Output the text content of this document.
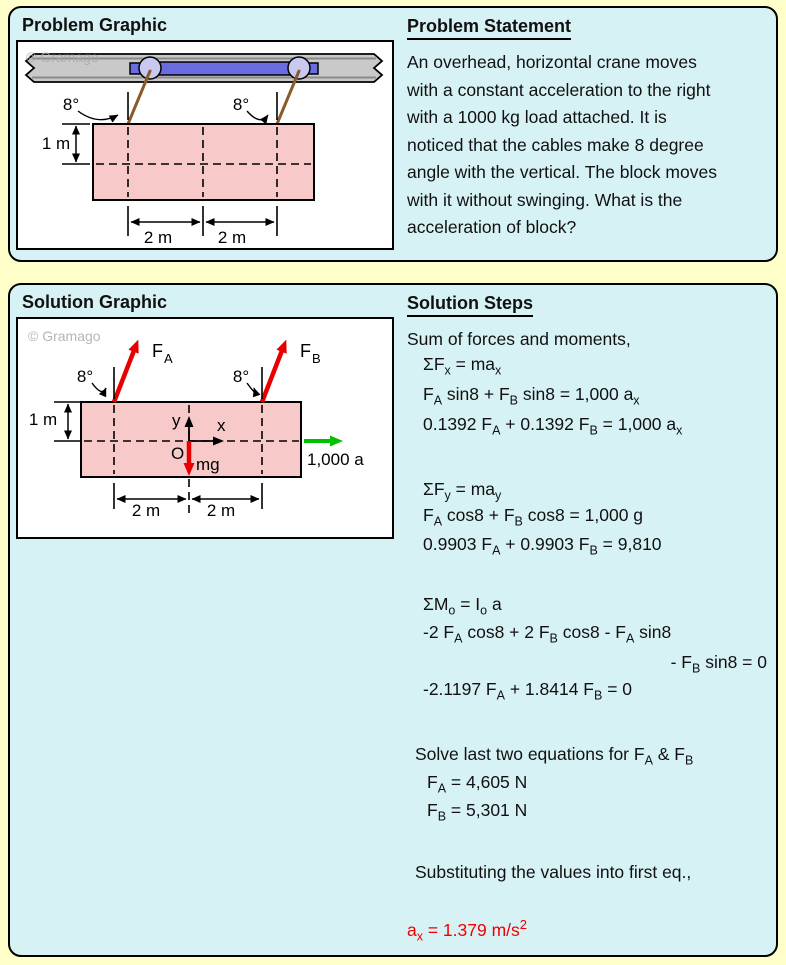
Problem Graphic
© Gramago
8°	8°
1 m
2 m	2 m
Problem Statement
An overhead, horizontal crane moves
with a constant acceleration to the right
with a 1000 kg load attached. It is
noticed that the cables make 8 degree
angle with the vertical. The block moves
with it without swinging. What is the
acceleration of block?
Solution Graphic
© Gramago
F A	F B
8°	8°
1 m	y x
O
mg	1,000 a
2 m	2 m
Solution Steps
Sum of forces and moments,
$\Sigma F_x = ma_x$
$F_A$ $\sin 8 + F_B$ sin8 = 1,000 $a_x$
0.1392 $F_A + 0.1392$ $F_B = 1,000$ $a_x$
$\Sigma F_y = ma_y$
$F_A$ $\cos 8 + F_B$ cos8 = 1,000 g
0.9903 $F_A + 0.9903$ $F_B = 9,810$
$\Sigma M_o = I_o$ a
-2 $F_A$ cos8 + 2 $F_B$ $\cos 8 - F_A$ sin8
- $F_B$ sin8 = 0
-2.1197 $F_A + 1.8414$ $F_B = 0$
Solve last two equations for $F_A$ & $F_B$
$F_A = 4,605$ N
$F_B = 5,301$ N
Substituting the values into first eq.,
$a_x = 1.379$ $m/s^2$
